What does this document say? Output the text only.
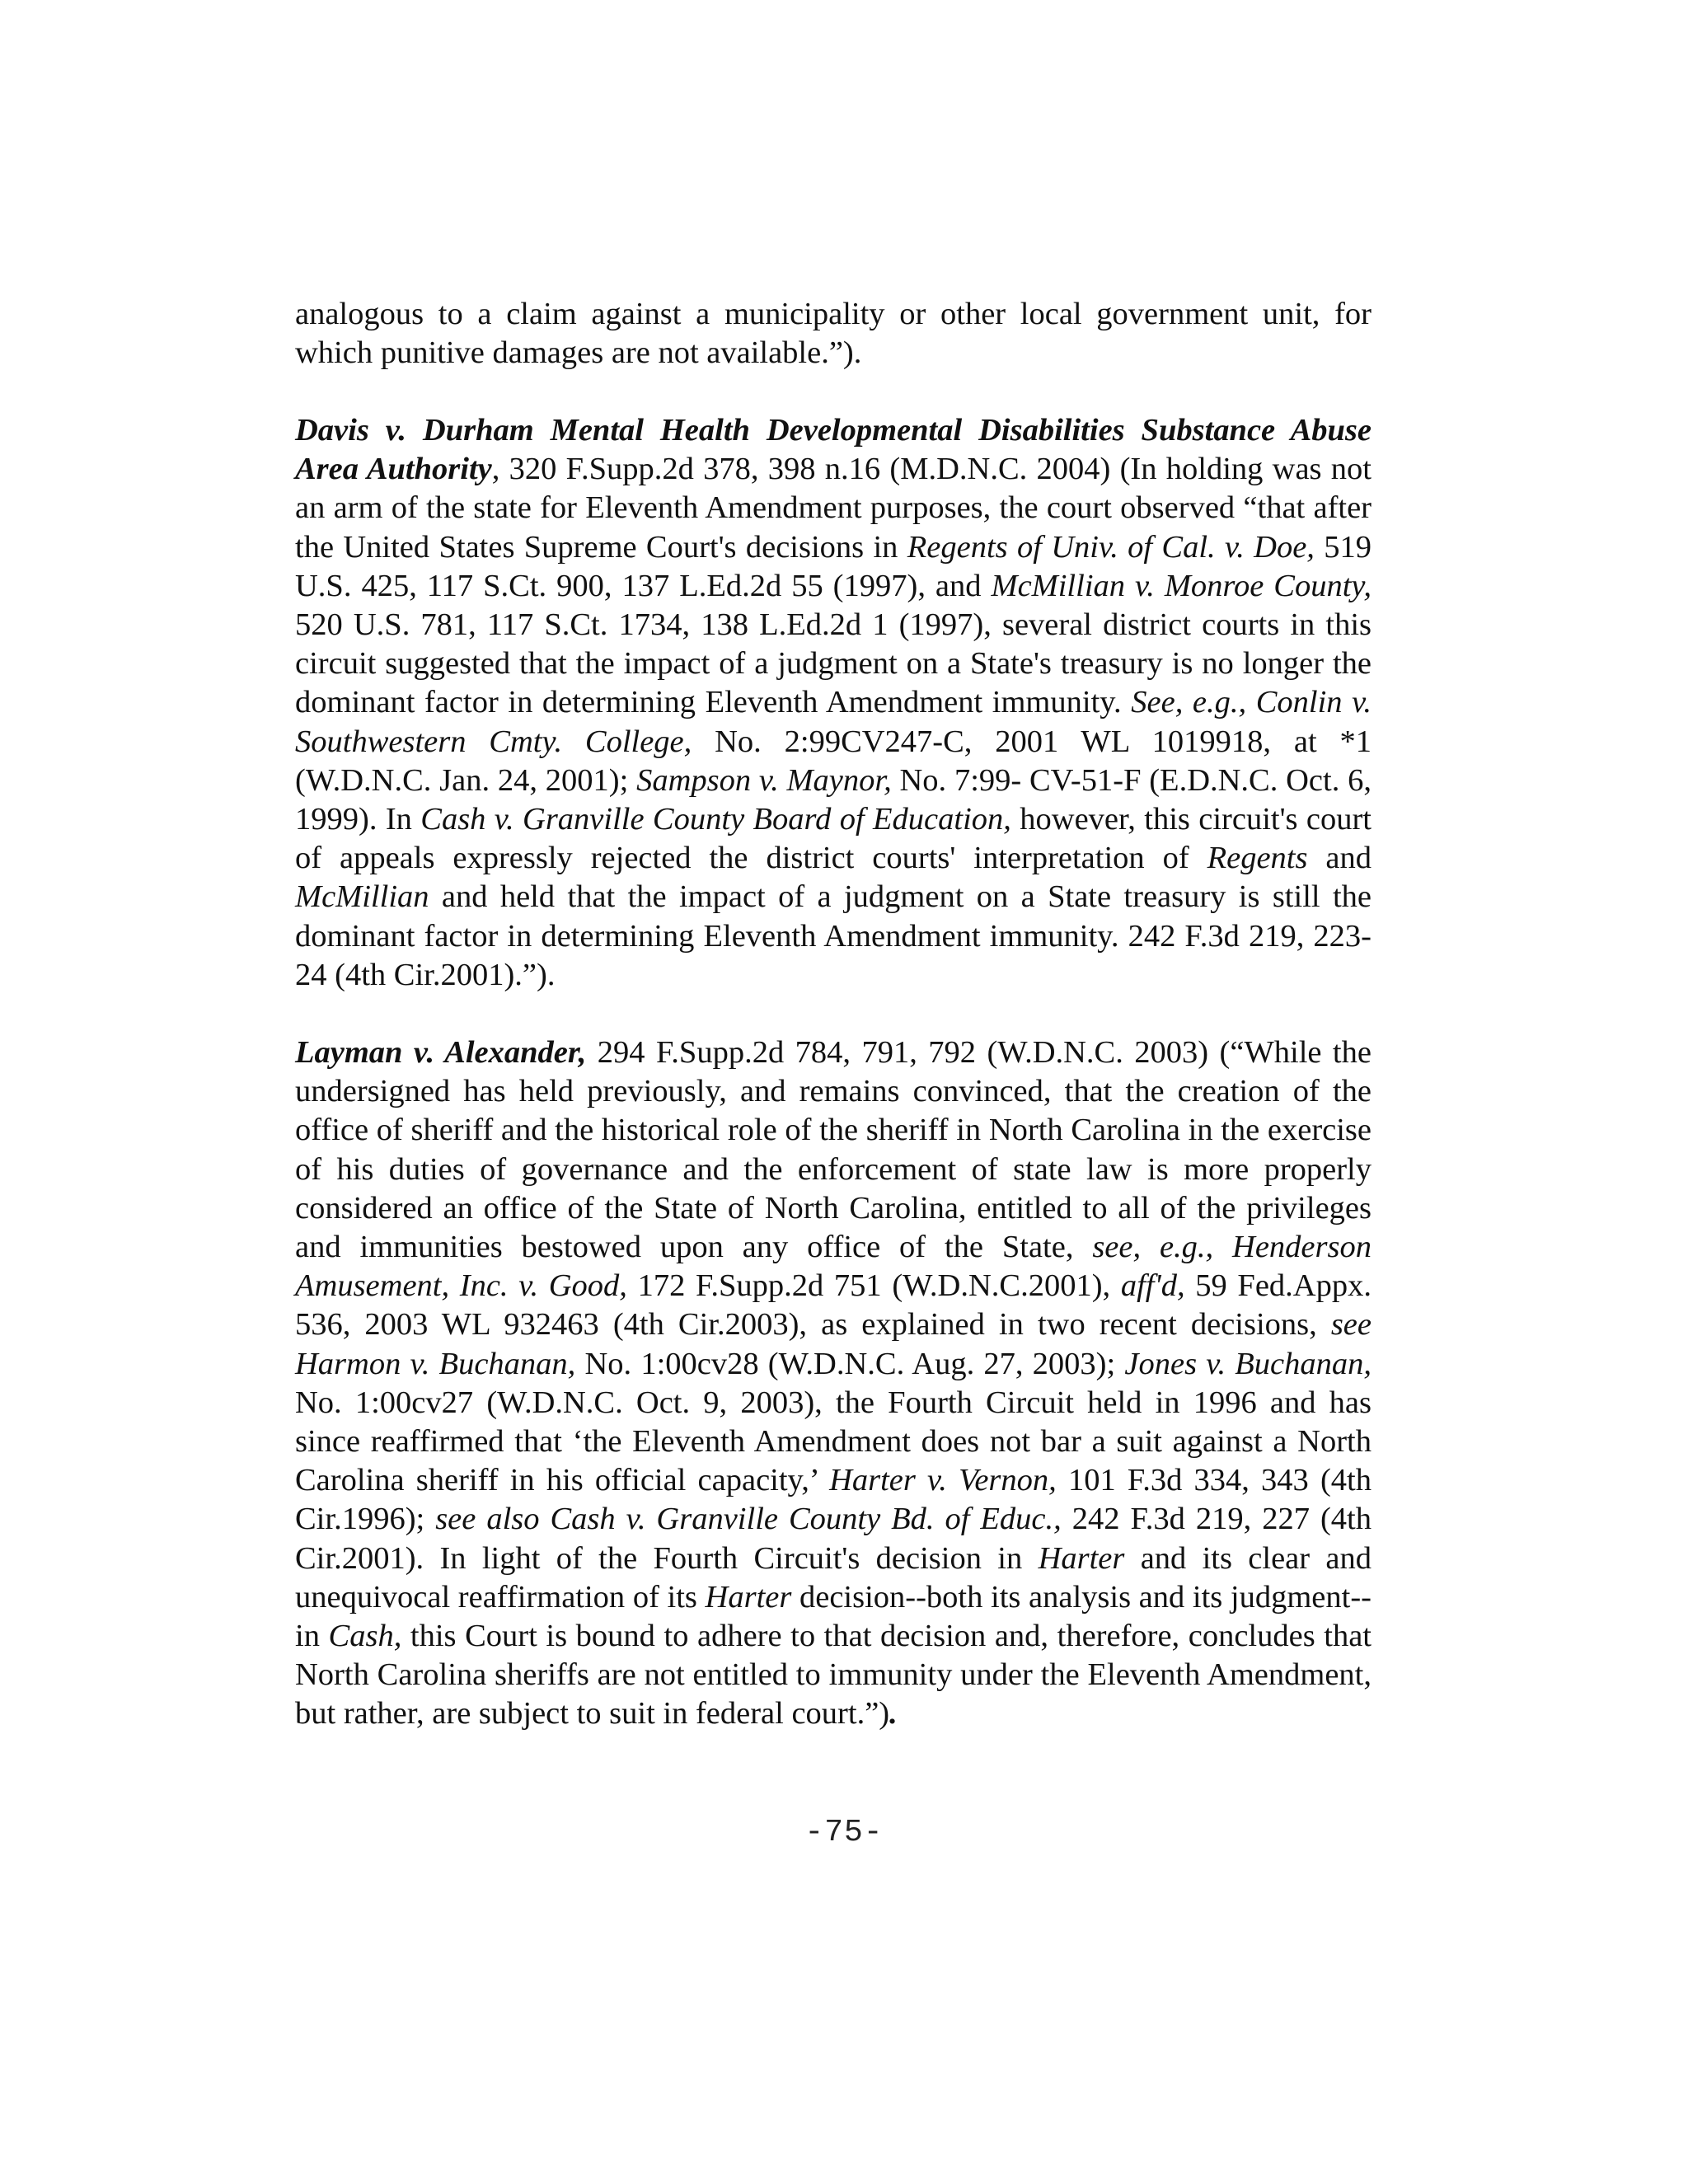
analogous to a claim against a municipality or other local government unit, for which punitive damages are not available.”).

Davis v. Durham Mental Health Developmental Disabilities Substance Abuse Area Authority, 320 F.Supp.2d 378, 398 n.16 (M.D.N.C. 2004) (In holding was not an arm of the state for Eleventh Amendment purposes, the court observed “that after the United States Supreme Court's decisions in Regents of Univ. of Cal. v. Doe, 519 U.S. 425, 117 S.Ct. 900, 137 L.Ed.2d 55 (1997), and McMillian v. Monroe County, 520 U.S. 781, 117 S.Ct. 1734, 138 L.Ed.2d 1 (1997), several district courts in this circuit suggested that the impact of a judgment on a State's treasury is no longer the dominant factor in determining Eleventh Amendment immunity. See, e.g., Conlin v. Southwestern Cmty. College, No. 2:99CV247-C, 2001 WL 1019918, at *1 (W.D.N.C. Jan. 24, 2001); Sampson v. Maynor, No. 7:99- CV-51-F (E.D.N.C. Oct. 6, 1999). In Cash v. Granville County Board of Education, however, this circuit's court of appeals expressly rejected the district courts' interpretation of Regents and McMillian and held that the impact of a judgment on a State treasury is still the dominant factor in determining Eleventh Amendment immunity. 242 F.3d 219, 223-24 (4th Cir.2001).”).

Layman v. Alexander, 294 F.Supp.2d 784, 791, 792 (W.D.N.C. 2003) (“While the undersigned has held previously, and remains convinced, that the creation of the office of sheriff and the historical role of the sheriff in North Carolina in the exercise of his duties of governance and the enforcement of state law is more properly considered an office of the State of North Carolina, entitled to all of the privileges and immunities bestowed upon any office of the State, see, e.g., Henderson Amusement, Inc. v. Good, 172 F.Supp.2d 751 (W.D.N.C.2001), aff'd, 59 Fed.Appx. 536, 2003 WL 932463 (4th Cir.2003), as explained in two recent decisions, see Harmon v. Buchanan, No. 1:00cv28 (W.D.N.C. Aug. 27, 2003); Jones v. Buchanan, No. 1:00cv27 (W.D.N.C. Oct. 9, 2003), the Fourth Circuit held in 1996 and has since reaffirmed that ‘the Eleventh Amendment does not bar a suit against a North Carolina sheriff in his official capacity,’ Harter v. Vernon, 101 F.3d 334, 343 (4th Cir.1996); see also Cash v. Granville County Bd. of Educ., 242 F.3d 219, 227 (4th Cir.2001). In light of the Fourth Circuit's decision in Harter and its clear and unequivocal reaffirmation of its Harter decision--both its analysis and its judgment--in Cash, this Court is bound to adhere to that decision and, therefore, concludes that North Carolina sheriffs are not entitled to immunity under the Eleventh Amendment, but rather, are subject to suit in federal court.”).

-75-
